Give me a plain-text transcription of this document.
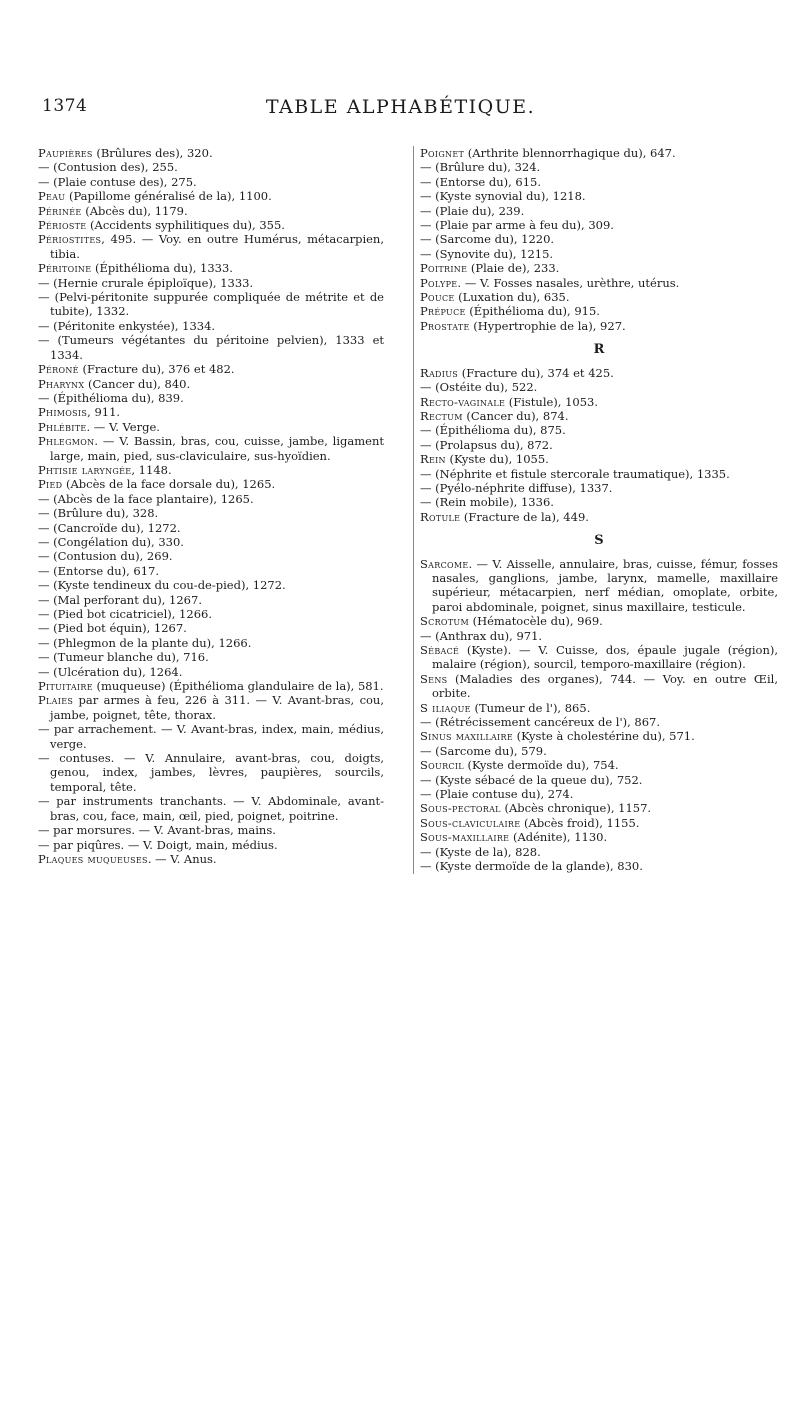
1374	TABLE ALPHABÉTIQUE.

Paupières (Brûlures des), 320.

— (Contusion des), 255.

— (Plaie contuse des), 275.

Peau (Papillome généralisé de la), 1100.

Périnée (Abcès du), 1179.

Périoste (Accidents syphilitiques du), 355.

Périostites, 495. — Voy. en outre Humérus, métacarpien, tibia.

Péritoine (Épithélioma du), 1333.

— (Hernie crurale épiploïque), 1333.

— (Pelvi-péritonite suppurée compliquée de métrite et de tubite), 1332.

— (Péritonite enkystée), 1334.

— (Tumeurs végétantes du péritoine pelvien), 1333 et 1334.

Péroné (Fracture du), 376 et 482.

Pharynx (Cancer du), 840.

— (Épithélioma du), 839.

Phimosis, 911.

Phlébite. — V. Verge.

Phlegmon. — V. Bassin, bras, cou, cuisse, jambe, ligament large, main, pied, sus-claviculaire, sus-hyoïdien.

Phtisie laryngée, 1148.

Pied (Abcès de la face dorsale du), 1265.

— (Abcès de la face plantaire), 1265.

— (Brûlure du), 328.

— (Cancroïde du), 1272.

— (Congélation du), 330.

— (Contusion du), 269.

— (Entorse du), 617.

— (Kyste tendineux du cou-de-pied), 1272.

— (Mal perforant du), 1267.

— (Pied bot cicatriciel), 1266.

— (Pied bot équin), 1267.

— (Phlegmon de la plante du), 1266.

— (Tumeur blanche du), 716.

— (Ulcération du), 1264.

Pituitaire (muqueuse) (Épithélioma glandulaire de la), 581.

Plaies par armes à feu, 226 à 311. — V. Avant-bras, cou, jambe, poignet, tête, thorax.

— par arrachement. — V. Avant-bras, index, main, médius, verge.

— contuses. — V. Annulaire, avant-bras, cou, doigts, genou, index, jambes, lèvres, paupières, sourcils, temporal, tête.

— par instruments tranchants. — V. Abdominale, avant-bras, cou, face, main, œil, pied, poignet, poitrine.

— par morsures. — V. Avant-bras, mains.

— par piqûres. — V. Doigt, main, médius.

Plaques muqueuses. — V. Anus.

Poignet (Arthrite blennorrhagique du), 647.

— (Brûlure du), 324.

— (Entorse du), 615.

— (Kyste synovial du), 1218.

— (Plaie du), 239.

— (Plaie par arme à feu du), 309.

— (Sarcome du), 1220.

— (Synovite du), 1215.

Poitrine (Plaie de), 233.

Polype. — V. Fosses nasales, urèthre, utérus.

Pouce (Luxation du), 635.

Prépuce (Épithélioma du), 915.

Prostate (Hypertrophie de la), 927.

R

Radius (Fracture du), 374 et 425.

— (Ostéite du), 522.

Recto-vaginale (Fistule), 1053.

Rectum (Cancer du), 874.

— (Épithélioma du), 875.

— (Prolapsus du), 872.

Rein (Kyste du), 1055.

— (Néphrite et fistule stercorale traumatique), 1335.

— (Pyélo-néphrite diffuse), 1337.

— (Rein mobile), 1336.

Rotule (Fracture de la), 449.

S

Sarcome. — V. Aisselle, annulaire, bras, cuisse, fémur, fosses nasales, ganglions, jambe, larynx, mamelle, maxillaire supérieur, métacarpien, nerf médian, omoplate, orbite, paroi abdominale, poignet, sinus maxillaire, testicule.

Scrotum (Hématocèle du), 969.

— (Anthrax du), 971.

Sébacé (Kyste). — V. Cuisse, dos, épaule jugale (région), malaire (région), sourcil, temporo-maxillaire (région).

Sens (Maladies des organes), 744. — Voy. en outre Œil, orbite.

S iliaque (Tumeur de l'), 865.

— (Rétrécissement cancéreux de l'), 867.

Sinus maxillaire (Kyste à cholestérine du), 571.

— (Sarcome du), 579.

Sourcil (Kyste dermoïde du), 754.

— (Kyste sébacé de la queue du), 752.

— (Plaie contuse du), 274.

Sous-pectoral (Abcès chronique), 1157.

Sous-claviculaire (Abcès froid), 1155.

Sous-maxillaire (Adénite), 1130.

— (Kyste de la), 828.

— (Kyste dermoïde de la glande), 830.
